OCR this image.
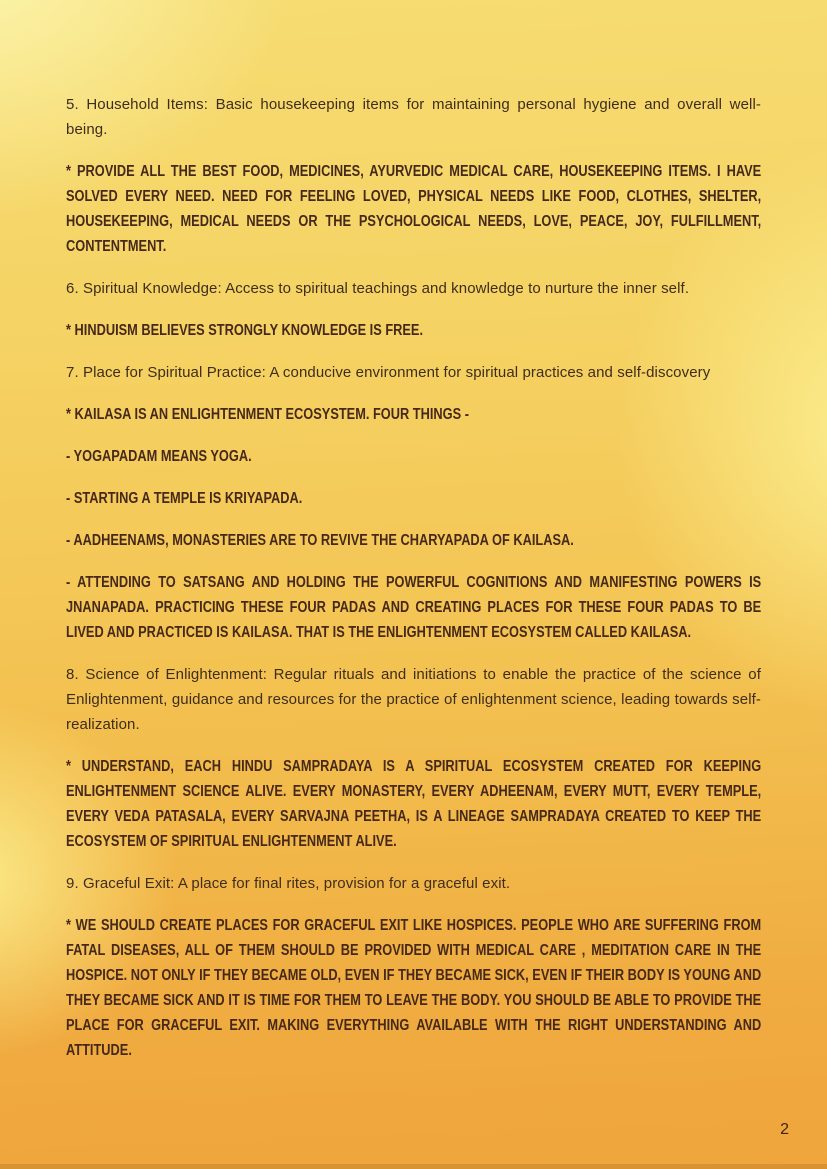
5. Household Items: Basic housekeeping items for maintaining personal hygiene and overall well-being.

* PROVIDE ALL THE BEST FOOD, MEDICINES, AYURVEDIC MEDICAL CARE, HOUSEKEEPING ITEMS. I HAVE SOLVED EVERY NEED. NEED FOR FEELING LOVED, PHYSICAL NEEDS LIKE FOOD, CLOTHES, SHELTER, HOUSEKEEPING, MEDICAL NEEDS OR THE PSYCHOLOGICAL NEEDS, LOVE, PEACE, JOY, FULFILLMENT, CONTENTMENT.

6. Spiritual Knowledge: Access to spiritual teachings and knowledge to nurture the inner self.

* HINDUISM BELIEVES STRONGLY KNOWLEDGE IS FREE.

7. Place for Spiritual Practice: A conducive environment for spiritual practices and self-discovery

* KAILASA IS AN ENLIGHTENMENT ECOSYSTEM. FOUR THINGS -

- YOGAPADAM MEANS YOGA.

- STARTING A TEMPLE IS KRIYAPADA.

- AADHEENAMS, MONASTERIES ARE TO REVIVE THE CHARYAPADA OF KAILASA.

- ATTENDING TO SATSANG AND HOLDING THE POWERFUL COGNITIONS AND MANIFESTING POWERS IS JNANAPADA. PRACTICING THESE FOUR PADAS AND CREATING PLACES FOR THESE FOUR PADAS TO BE LIVED AND PRACTICED IS KAILASA. THAT IS THE ENLIGHTENMENT ECOSYSTEM CALLED KAILASA.

8. Science of Enlightenment: Regular rituals and initiations to enable the practice of the science of Enlightenment, guidance and resources for the practice of enlightenment science, leading towards self-realization.

* UNDERSTAND, EACH HINDU SAMPRADAYA IS A SPIRITUAL ECOSYSTEM CREATED FOR KEEPING ENLIGHTENMENT SCIENCE ALIVE. EVERY MONASTERY, EVERY ADHEENAM, EVERY MUTT, EVERY TEMPLE, EVERY VEDA PATASALA, EVERY SARVAJNA PEETHA, IS A LINEAGE SAMPRADAYA CREATED TO KEEP THE ECOSYSTEM OF SPIRITUAL ENLIGHTENMENT ALIVE.

9. Graceful Exit: A place for final rites, provision for a graceful exit.

* WE SHOULD CREATE PLACES FOR GRACEFUL EXIT LIKE HOSPICES. PEOPLE WHO ARE SUFFERING FROM FATAL DISEASES, ALL OF THEM SHOULD BE PROVIDED WITH MEDICAL CARE , MEDITATION CARE IN THE HOSPICE. NOT ONLY IF THEY BECAME OLD, EVEN IF THEY BECAME SICK, EVEN IF THEIR BODY IS YOUNG AND THEY BECAME SICK AND IT IS TIME FOR THEM TO LEAVE THE BODY. YOU SHOULD BE ABLE TO PROVIDE THE PLACE FOR GRACEFUL EXIT. MAKING EVERYTHING AVAILABLE WITH THE RIGHT UNDERSTANDING AND ATTITUDE.

2
